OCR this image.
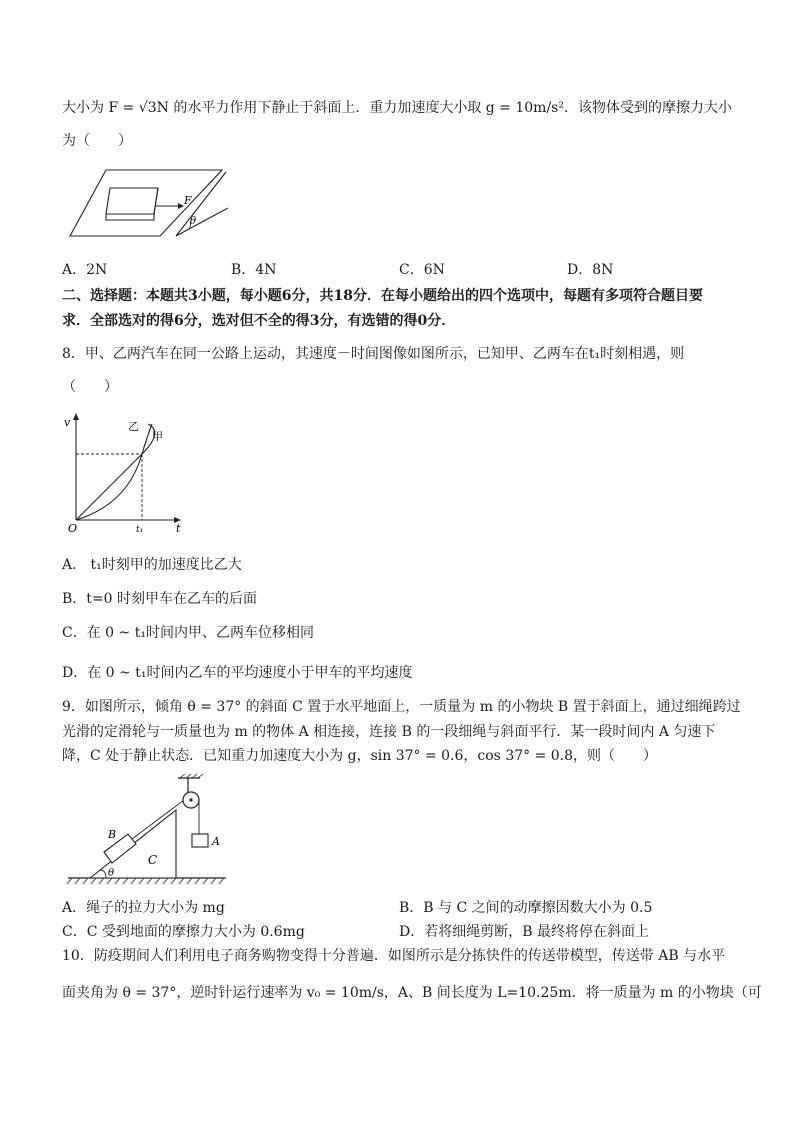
大小为 F = √3N 的水平力作用下静止于斜面上．重力加速度大小取 g = 10m/s²．该物体受到的摩擦力大小
为（　　）
F
θ
A．2N	B．4N	C．6N	D．8N
二、选择题：本题共3小题，每小题6分，共18分．在每小题给出的四个选项中，每题有多项符合题目要
求．全部选对的得6分，选对但不全的得3分，有选错的得0分．
8．甲、乙两汽车在同一公路上运动，其速度－时间图像如图所示，已知甲、乙两车在t₁时刻相遇，则
（　　）
v
t
O	t₁
乙
甲
A． t₁时刻甲的加速度比乙大
B．t=0 时刻甲车在乙车的后面
C．在 0 ~ t₁时间内甲、乙两车位移相同
D．在 0 ~ t₁时间内乙车的平均速度小于甲车的平均速度
9．如图所示，倾角 θ = 37° 的斜面 C 置于水平地面上，一质量为 m 的小物块 B 置于斜面上，通过细绳跨过
光滑的定滑轮与一质量也为 m 的物体 A 相连接，连接 B 的一段细绳与斜面平行．某一段时间内 A 匀速下
降，C 处于静止状态．已知重力加速度大小为 g，sin 37° = 0.6，cos 37° = 0.8，则（　　）
C
θ
B
A
A．绳子的拉力大小为 mg	B．B 与 C 之间的动摩擦因数大小为 0.5
C．C 受到地面的摩擦力大小为 0.6mg	D．若将细绳剪断，B 最终将停在斜面上
10．防疫期间人们利用电子商务购物变得十分普遍．如图所示是分拣快件的传送带模型，传送带 AB 与水平
面夹角为 θ = 37°，逆时针运行速率为 v₀ = 10m/s，A、B 间长度为 L=10.25m．将一质量为 m 的小物块（可
